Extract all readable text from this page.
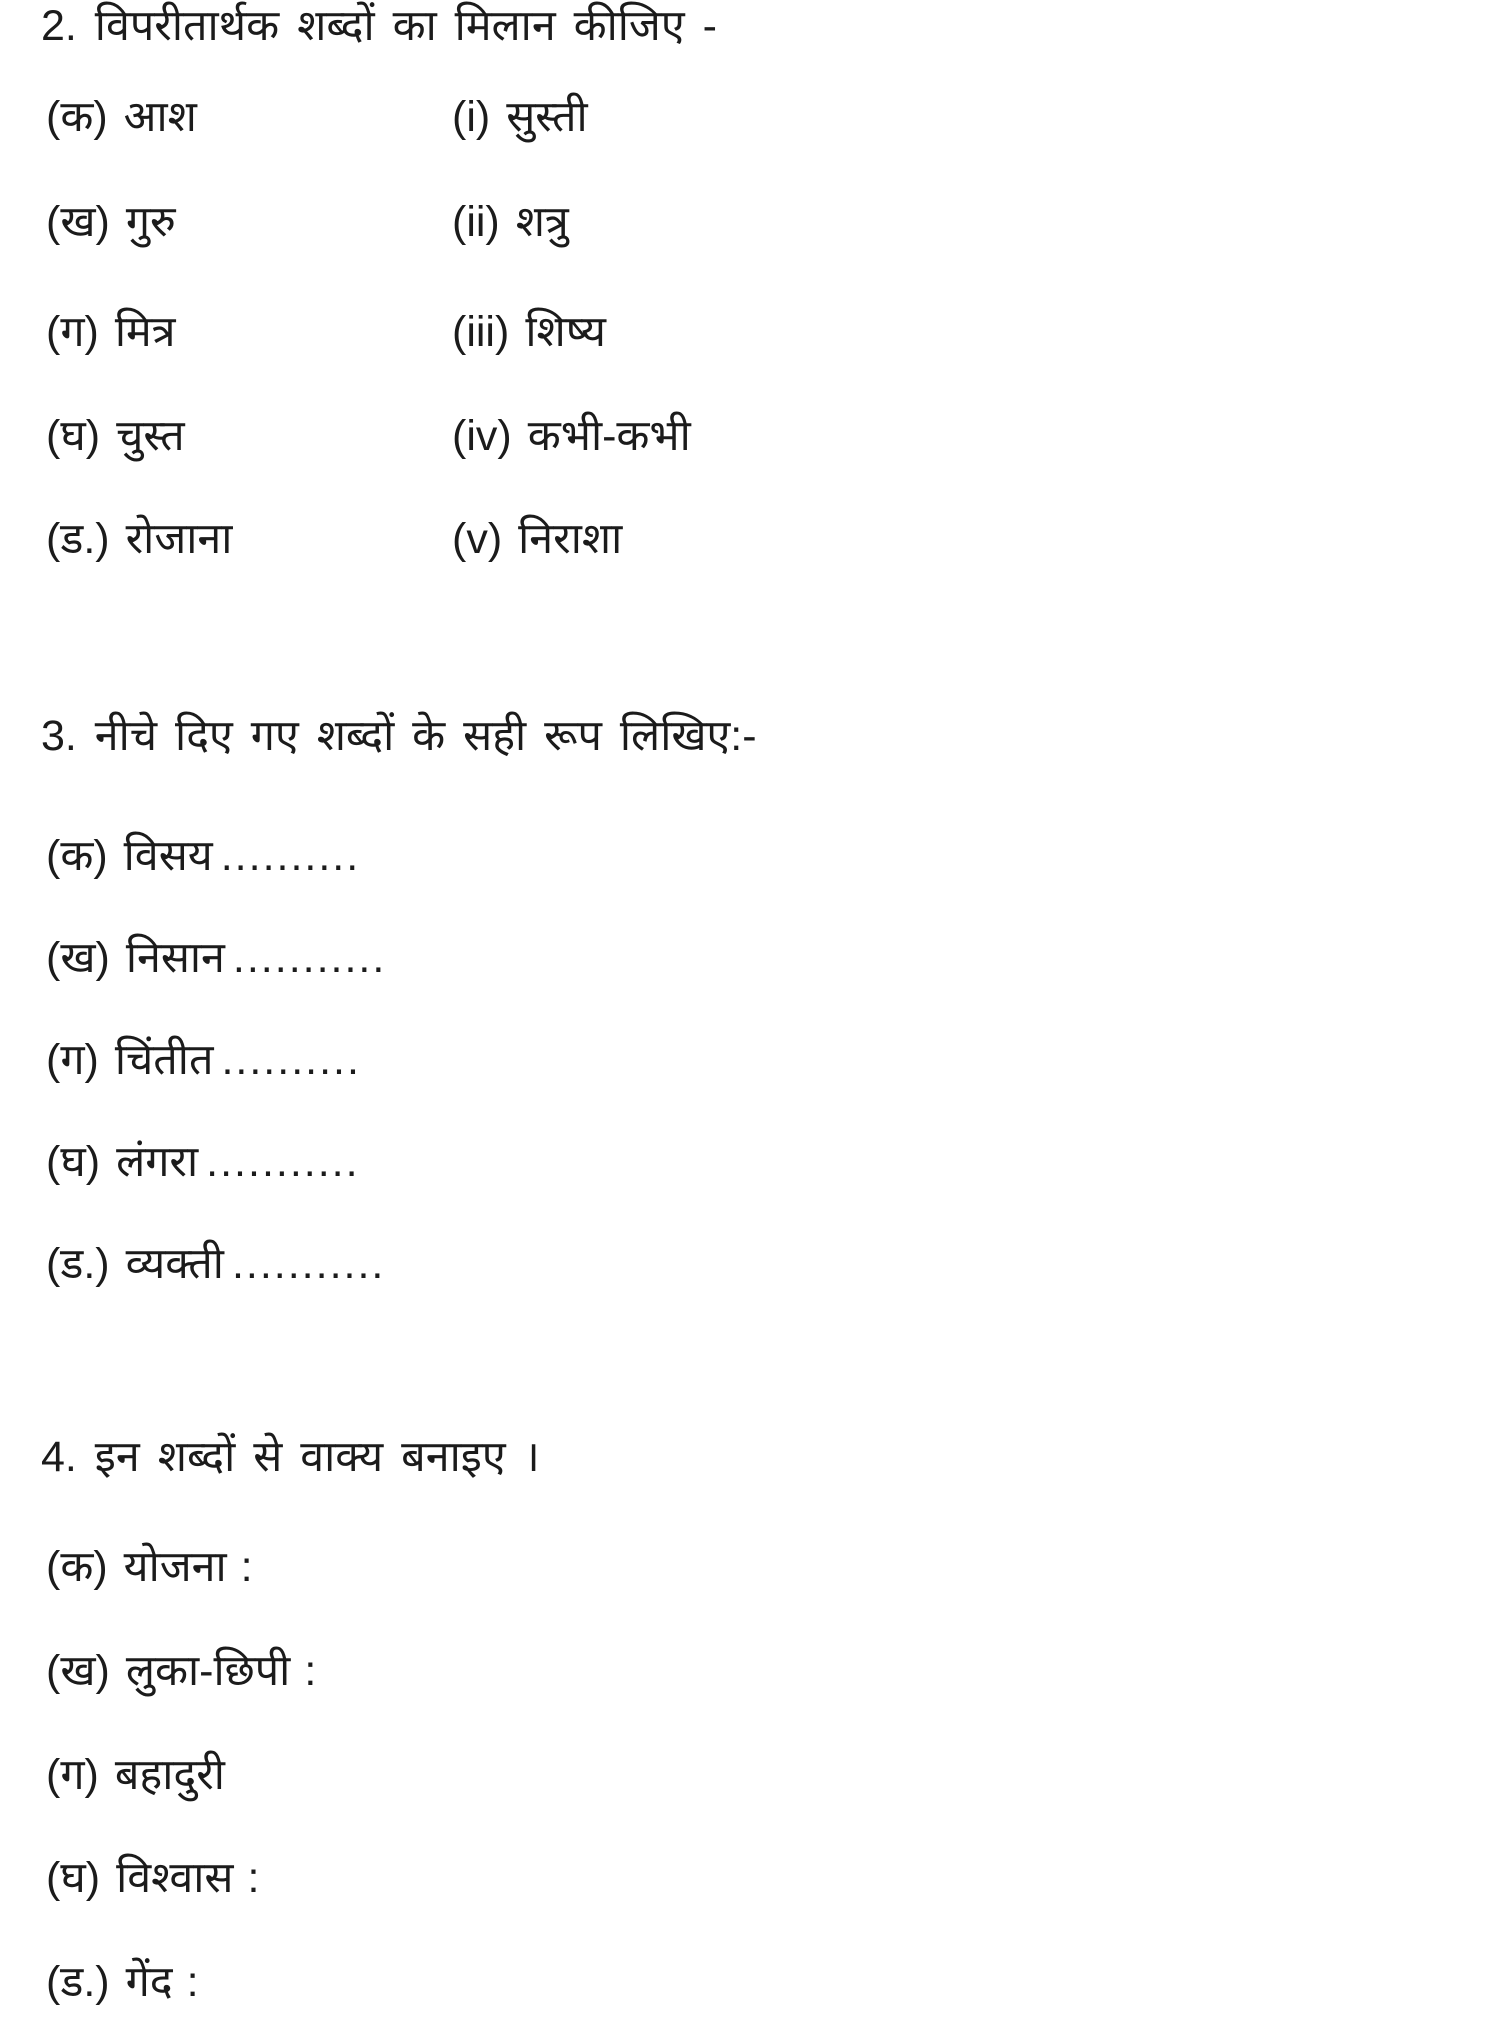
2. विपरीतार्थक शब्दों का मिलान कीजिए -
(क) आश	(i) सुस्ती
(ख) गुरु	(ii) शत्रु
(ग) मित्र	(iii) शिष्य
(घ) चुस्त	(iv) कभी-कभी
(ड.) रोजाना	(v) निराशा
3. नीचे दिए गए शब्दों के सही रूप लिखिए:-
(क) विसय ..........
(ख) निसान ...........
(ग) चिंतीत ..........
(घ) लंगरा ...........
(ड.) व्यक्ती ...........
4. इन शब्दों से वाक्य बनाइए ।
(क) योजना :
(ख) लुका-छिपी :
(ग) बहादुरी
(घ) विश्वास :
(ड.) गेंद :
